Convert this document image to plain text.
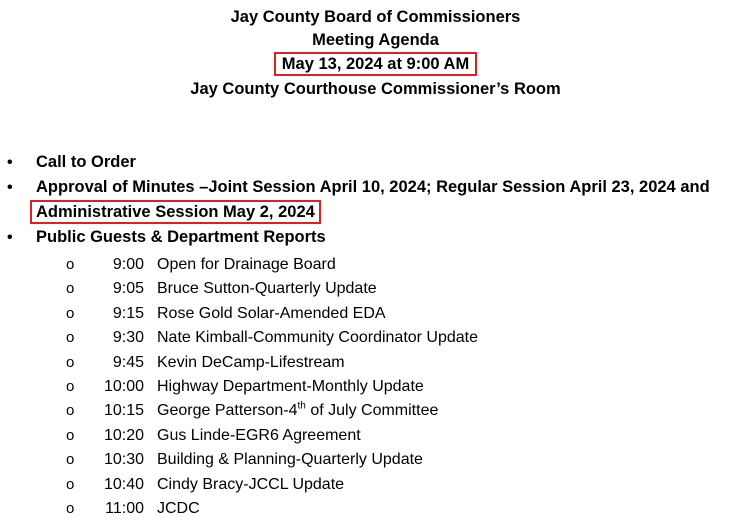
Jay County Board of Commissioners
Meeting Agenda
May 13, 2024 at 9:00 AM
Jay County Courthouse Commissioner’s Room
• Call to Order
• Approval of Minutes –Joint Session April 10, 2024; Regular Session April 23, 2024 and
Administrative Session May 2, 2024
• Public Guests & Department Reports
o	9:00 Open for Drainage Board
o	9:05 Bruce Sutton-Quarterly Update
o	9:15 Rose Gold Solar-Amended EDA
o	9:30 Nate Kimball-Community Coordinator Update
o	9:45 Kevin DeCamp-Lifestream
o	10:00 Highway Department-Monthly Update
o	10:15 George Patterson-4th of July Committee
o	10:20 Gus Linde-EGR6 Agreement
o	10:30 Building & Planning-Quarterly Update
o	10:40 Cindy Bracy-JCCL Update
o	11:00 JCDC
